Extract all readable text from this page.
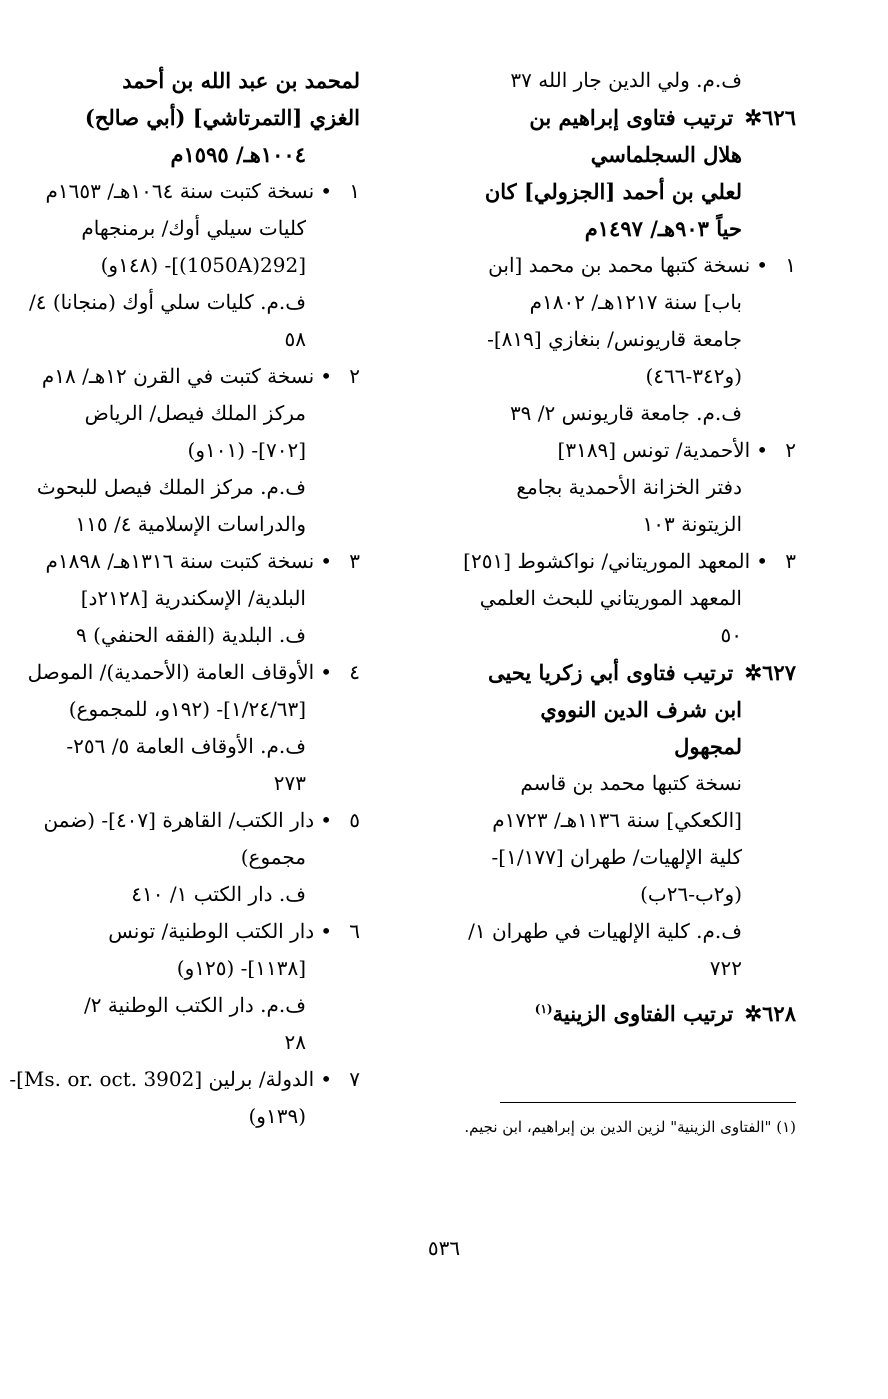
ف.م. ولي الدين جار الله ٣٧
٦٢٦✲ ترتيب فتاوى إبراهيم بن
هلال السجلماسي
لعلي بن أحمد [الجزولي] كان
حياً ٩٠٣هـ/ ١٤٩٧م
١•نسخة كتبها محمد بن محمد [ابن
باب] سنة ١٢١٧هـ/ ١٨٠٢م
جامعة قاريونس/ بنغازي [٨١٩]-
(و٣٤٢-٤٦٦)
ف.م. جامعة قاريونس ٢/ ٣٩
٢•الأحمدية/ تونس [٣١٨٩]
دفتر الخزانة الأحمدية بجامع
الزيتونة ١٠٣
٣•المعهد الموريتاني/ نواكشوط [٢٥١]
المعهد الموريتاني للبحث العلمي
٥٠
٦٢٧✲ ترتيب فتاوى أبي زكريا يحيى
ابن شرف الدين النووي
لمجهول
نسخة كتبها محمد بن قاسم
[الكعكي] سنة ١١٣٦هـ/ ١٧٢٣م
كلية الإلهيات/ طهران [١/١٧٧]-
(و٢ب-٢٦ب)
ف.م. كلية الإلهيات في طهران ١/
٧٢٢
٦٢٨✲ ترتيب الفتاوى الزينية$^{(١)}$
لمحمد بن عبد الله بن أحمد
الغزي [التمرتاشي] (أبي صالح)
١٠٠٤هـ/ ١٥٩٥م
١•نسخة كتبت سنة ١٠٦٤هـ/ ١٦٥٣م
كليات سيلي أوك/ برمنجهام
[292(1050A)]- (١٤٨و)
ف.م. كليات سلي أوك (منجانا) ٤/
٥٨
٢•نسخة كتبت في القرن ١٢هـ/ ١٨م
مركز الملك فيصل/ الرياض
[٧٠٢]- (١٠١و)
ف.م. مركز الملك فيصل للبحوث
والدراسات الإسلامية ٤/ ١١٥
٣•نسخة كتبت سنة ١٣١٦هـ/ ١٨٩٨م
البلدية/ الإسكندرية [٢١٢٨د]
ف. البلدية (الفقه الحنفي) ٩
٤•الأوقاف العامة (الأحمدية)/ الموصل
[١/٢٤/٦٣]- (١٩٢و، للمجموع)
ف.م. الأوقاف العامة ٥/ ٢٥٦-
٢٧٣
٥•دار الكتب/ القاهرة [٤٠٧]- (ضمن
مجموع)
ف. دار الكتب ١/ ٤١٠
٦•دار الكتب الوطنية/ تونس
[١١٣٨]- (١٢٥و)
ف.م. دار الكتب الوطنية ٢/
٢٨
٧•الدولة/ برلين [Ms. or. oct. 3902]-
(١٣٩و)	(١) "الفتاوى الزينية" لزين الدين بن إبراهيم، ابن نجيم.
٥٣٦
